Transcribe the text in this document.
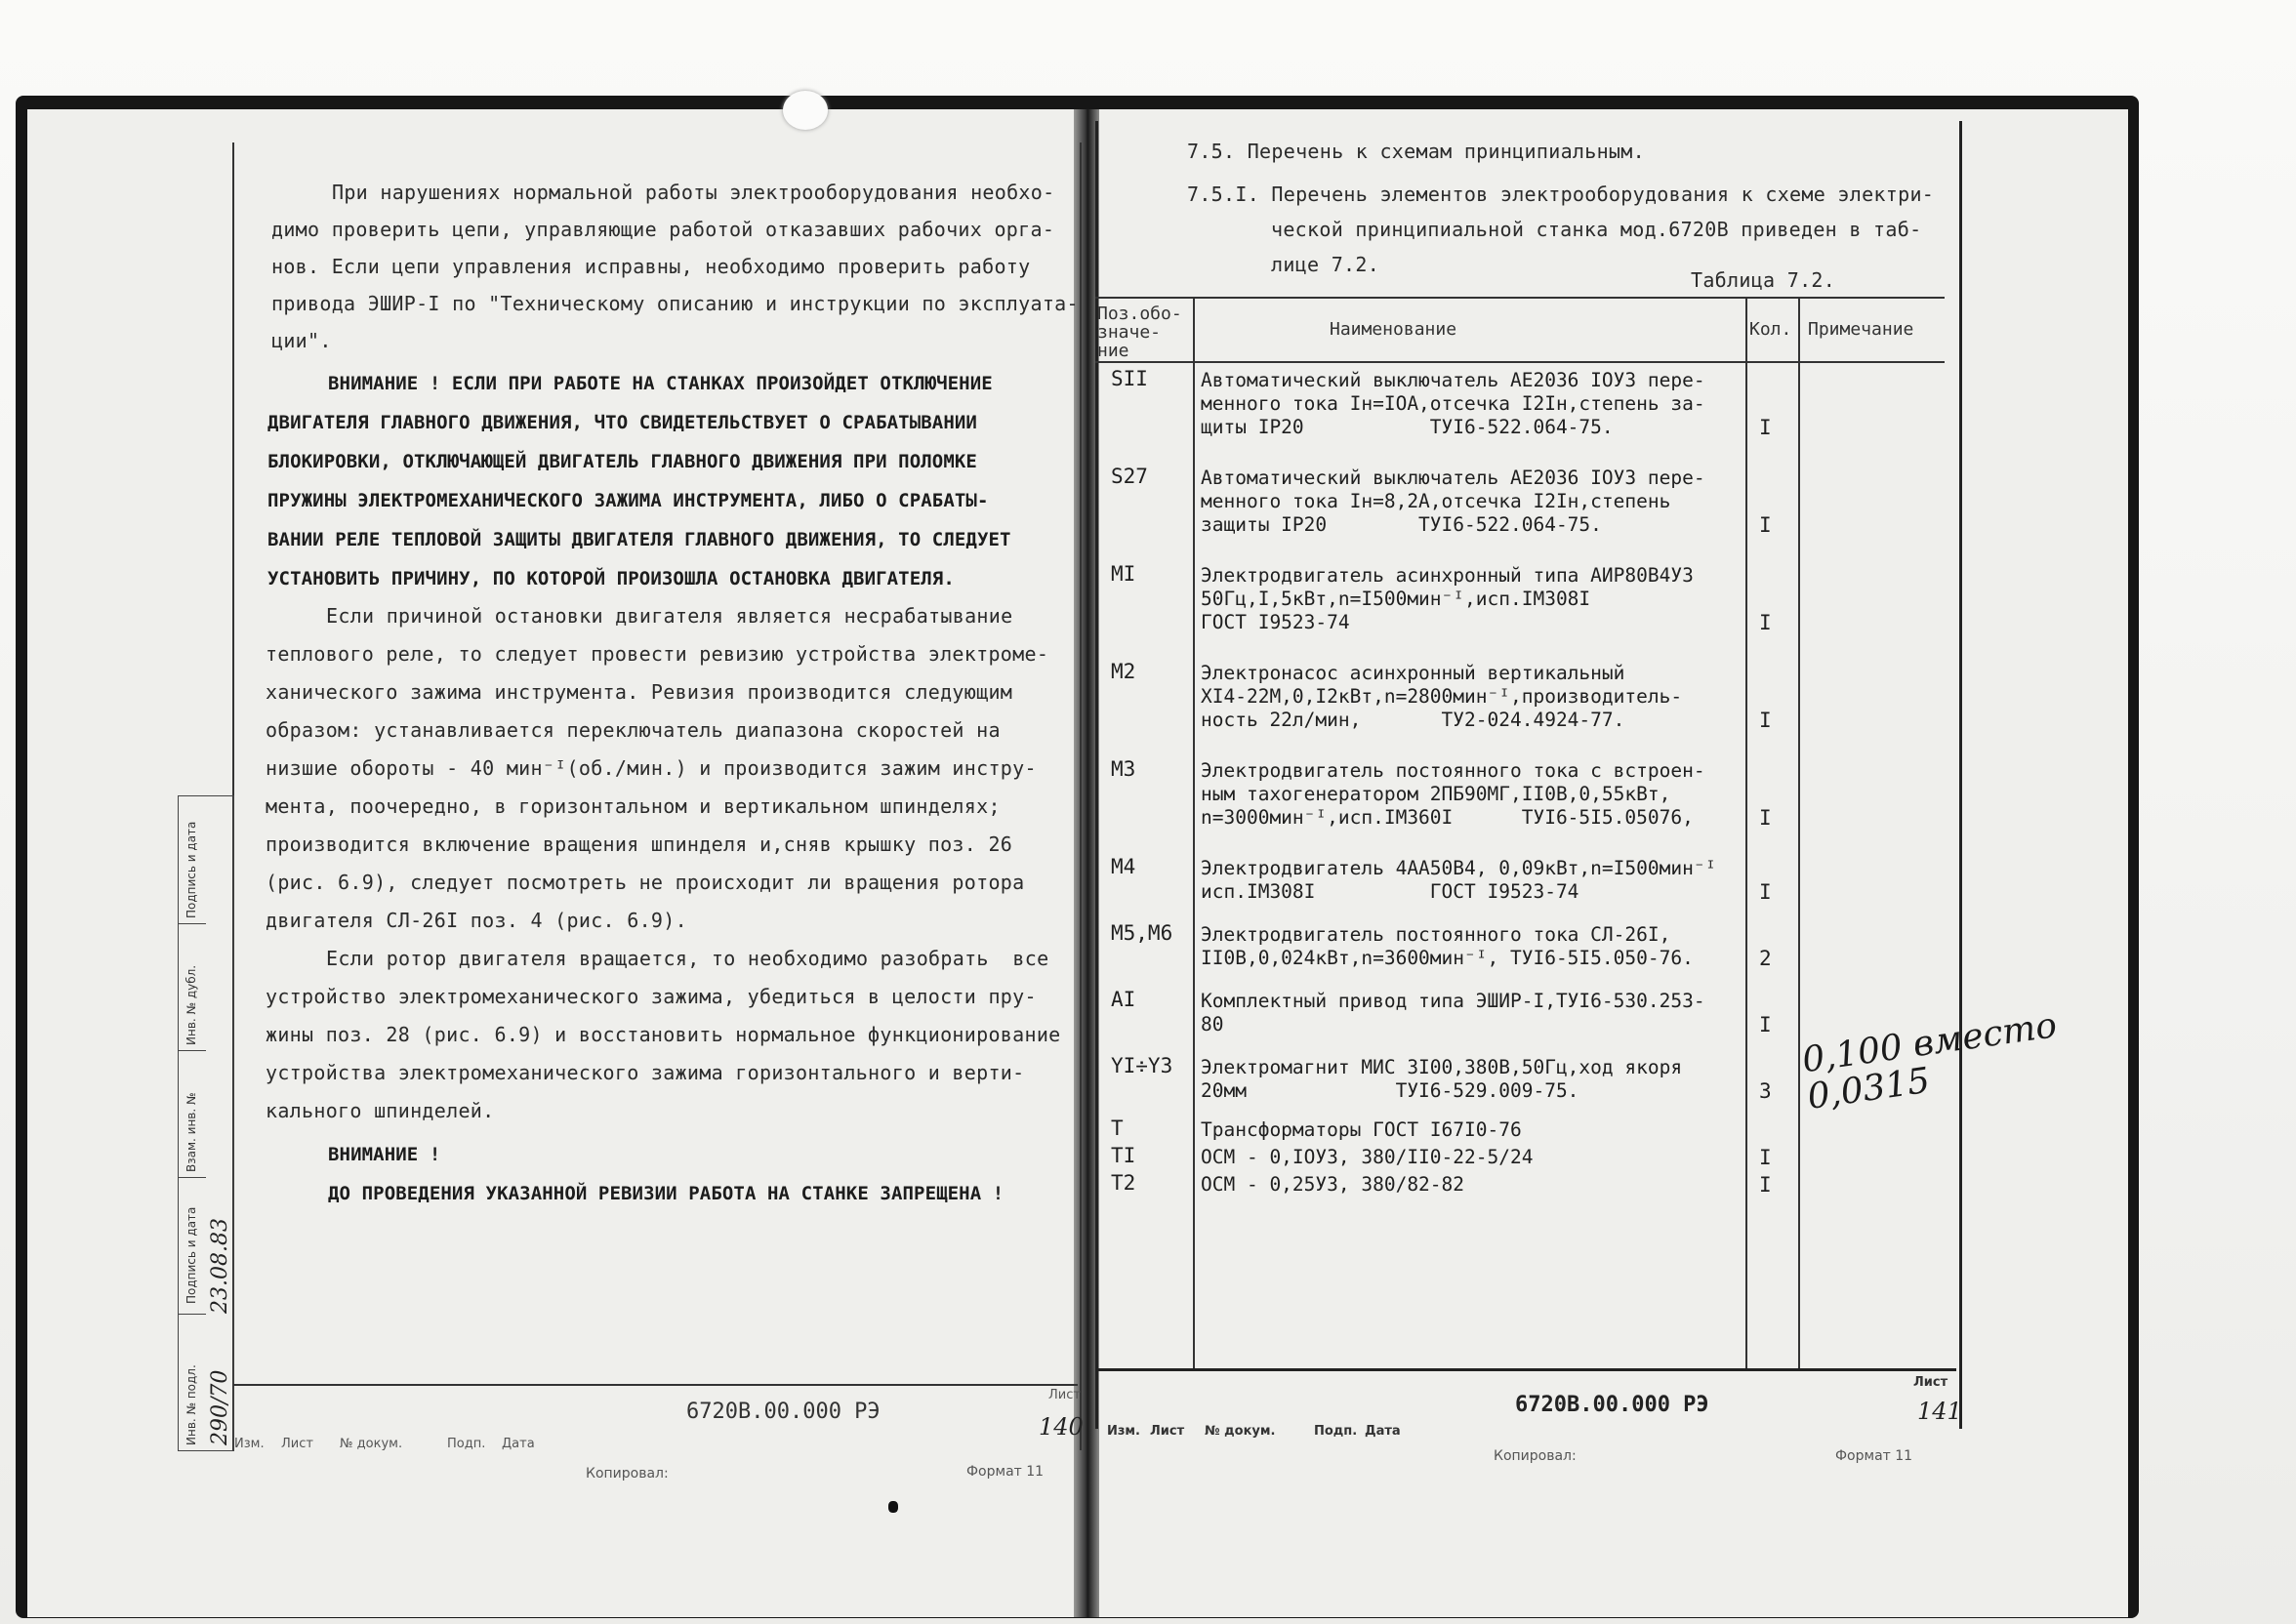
При нарушениях нормальной работы электрооборудования необхо-
димо проверить цепи, управляющие работой отказавших рабочих орга-
нов. Если цепи управления исправны, необходимо проверить работу
привода ЭШИР-I по "Техническому описанию и инструкции по эксплуата-
ции".
ВНИМАНИЕ ! ЕСЛИ ПРИ РАБОТЕ НА СТАНКАХ ПРОИЗОЙДЕТ ОТКЛЮЧЕНИЕ
ДВИГАТЕЛЯ ГЛАВНОГО ДВИЖЕНИЯ, ЧТО СВИДЕТЕЛЬСТВУЕТ О СРАБАТЫВАНИИ
БЛОКИРОВКИ, ОТКЛЮЧАЮЩЕЙ ДВИГАТЕЛЬ ГЛАВНОГО ДВИЖЕНИЯ ПРИ ПОЛОМКЕ
ПРУЖИНЫ ЭЛЕКТРОМЕХАНИЧЕСКОГО ЗАЖИМА ИНСТРУМЕНТА, ЛИБО О СРАБАТЫ-
ВАНИИ РЕЛЕ ТЕПЛОВОЙ ЗАЩИТЫ ДВИГАТЕЛЯ ГЛАВНОГО ДВИЖЕНИЯ, ТО СЛЕДУЕТ
УСТАНОВИТЬ ПРИЧИНУ, ПО КОТОРОЙ ПРОИЗОШЛА ОСТАНОВКА ДВИГАТЕЛЯ.
Если причиной остановки двигателя является несрабатывание
теплового реле, то следует провести ревизию устройства электроме-
ханического зажима инструмента. Ревизия производится следующим
образом: устанавливается переключатель диапазона скоростей на
низшие обороты - 40 мин⁻ᴵ(об./мин.) и производится зажим инстру-
мента, поочередно, в горизонтальном и вертикальном шпинделях;
производится включение вращения шпинделя и,сняв крышку поз. 26
(рис. 6.9), следует посмотреть не происходит ли вращения ротора
двигателя СЛ-26I поз. 4 (рис. 6.9).
Если ротор двигателя вращается, то необходимо разобрать  все
устройство электромеханического зажима, убедиться в целости пру-
жины поз. 28 (рис. 6.9) и восстановить нормальное функционирование
устройства электромеханического зажима горизонтального и верти-
кального шпинделей.
ВНИМАНИЕ !
ДО ПРОВЕДЕНИЯ УКАЗАННОЙ РЕВИЗИИ РАБОТА НА СТАНКЕ ЗАПРЕЩЕНА !
Подпись и дата
Инв. № дубл.
Взам. инв. №
Подпись и дата
Инв. № подл.
23.08.83
290/70	6720В.00.000 РЭ
Лист
Изм. Лист № докум.	Подп. Дата
140
Копировал:	Формат 11
7.5. Перечень к схемам принципиальным.
7.5.I. Перечень элементов электрооборудования к схеме электри-
ческой принципиальной станка мод.6720В приведен в таб-
лице 7.2.
Таблица 7.2.
Поз.обо-
значе-
ние
Наименование	Кол. Примечание
SII	Автоматический выключатель АЕ2036 IОУЗ пере-
менного тока Iн=IОА,отсечка I2Iн,степень за-
щиты IР20           ТУI6-522.064-75.	I
S27	Автоматический выключатель АЕ2036 IОУЗ пере-
менного тока Iн=8,2А,отсечка I2Iн,степень
защиты IР20        ТУI6-522.064-75.	I
MI	Электродвигатель асинхронный типа АИР80В4УЗ
50Гц,I,5кВт,n=I500мин⁻ᴵ,исп.IМ308I
ГОСТ I9523-74	I
M2	Электронасос асинхронный вертикальный
ХI4-22М,0,I2кВт,n=2800мин⁻ᴵ,производитель-
ность 22л/мин,       ТУ2-024.4924-77.	I
M3	Электродвигатель постоянного тока с встроен-
ным тахогенератором 2ПБ90МГ,II0В,0,55кВт,
n=3000мин⁻ᴵ,исп.IМ360I      ТУI6-5I5.05076,	I
M4	Электродвигатель 4АА50В4, 0,09кВт,n=I500мин⁻ᴵ
исп.IМ308I          ГОСТ I9523-74	I
M5,M6 Электродвигатель постоянного тока СЛ-26I,
II0В,0,024кВт,n=3600мин⁻ᴵ, ТУI6-5I5.050-76.	2
AI	Комплектный привод типа ЭШИР-I,ТУI6-530.253-
80	I
YI÷Y3 Электромагнит МИС 3I00,380В,50Гц,ход якоря
20мм             ТУI6-529.009-75.	3
T	Трансформаторы ГОСТ I67I0-76
TI	ОСМ - 0,IОУЗ, 380/II0-22-5/24	I
T2	ОСМ - 0,25УЗ, 380/82-82	I
0,100 вместо
0,0315
6720В.00.000 РЭ
Лист
Изм. Лист № докум.	Подп. Дата
141
Копировал:	Формат 11
